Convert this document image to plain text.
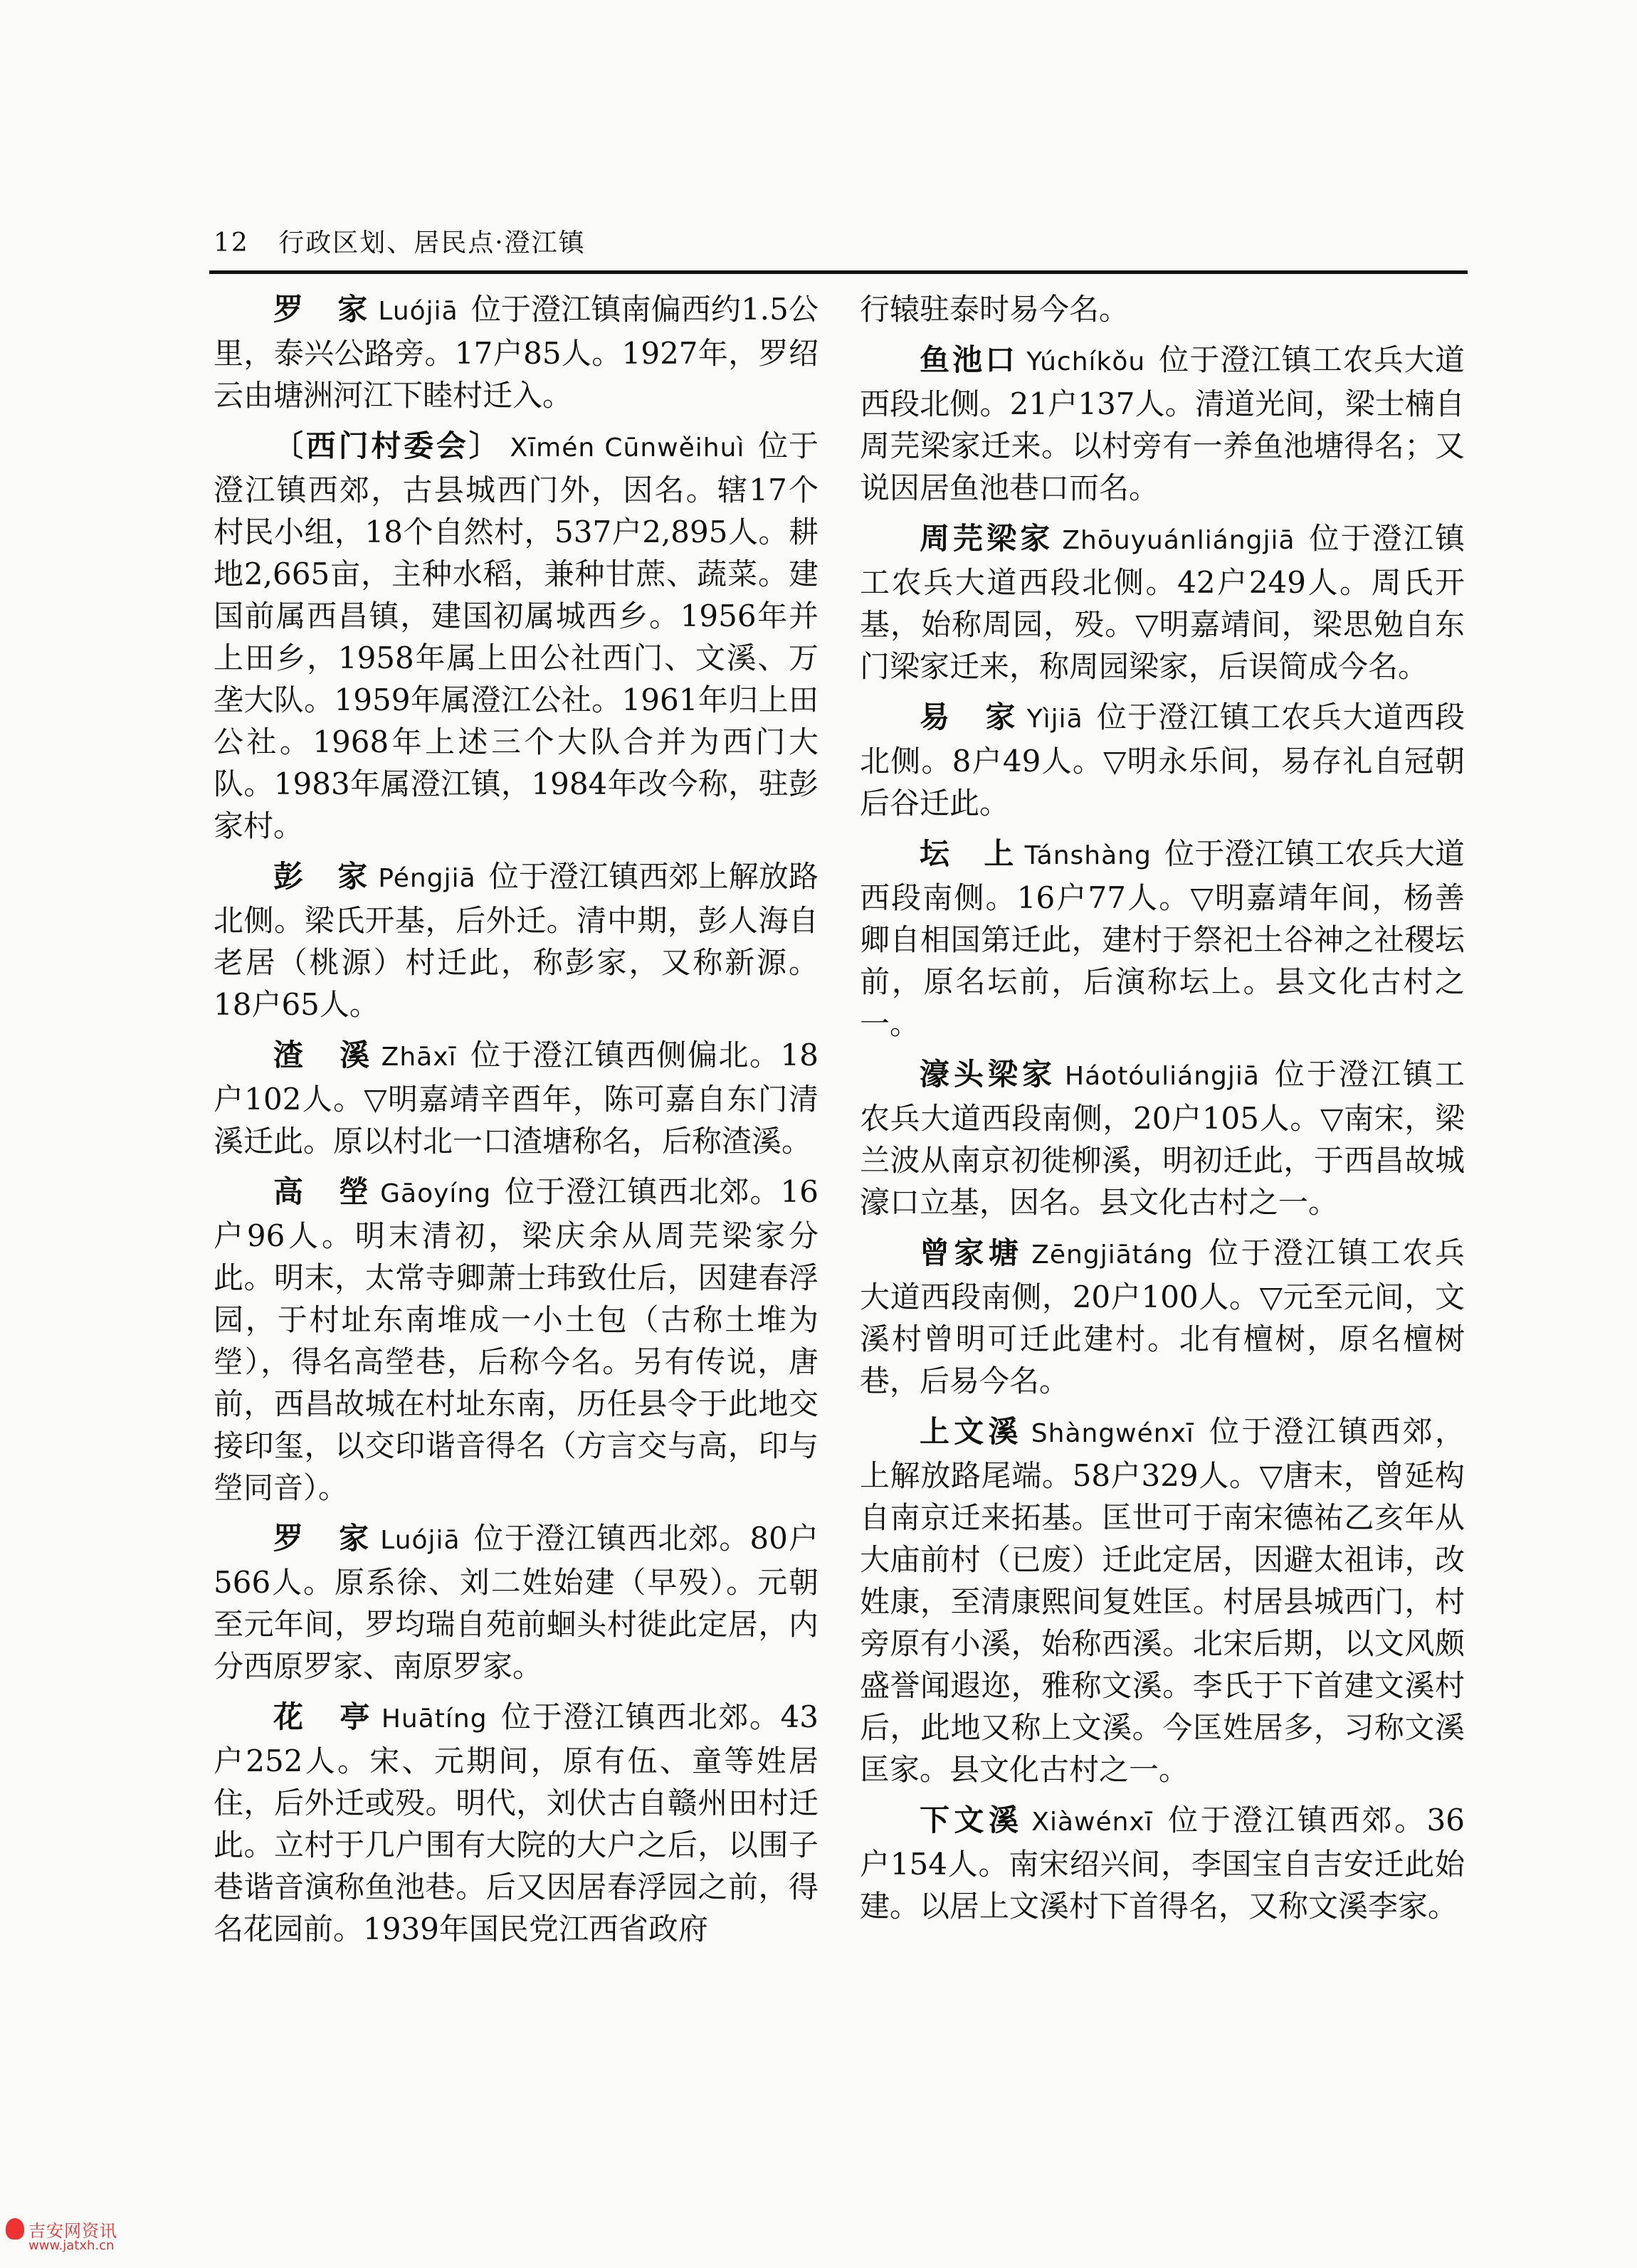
12 行政区划、居民点·澄江镇

罗　家 Luójiā 位于澄江镇南偏西约1.5公里，泰兴公路旁。17户85人。1927年，罗绍云由塘洲河江下睦村迁入。

〔西门村委会〕 Xīmén Cūnwěihuì 位于澄江镇西郊，古县城西门外，因名。辖17个村民小组，18个自然村，537户2,895人。耕地2,665亩，主种水稻，兼种甘蔗、蔬菜。建国前属西昌镇，建国初属城西乡。1956年并上田乡，1958年属上田公社西门、文溪、万垄大队。1959年属澄江公社。1961年归上田公社。1968年上述三个大队合并为西门大队。1983年属澄江镇，1984年改今称，驻彭家村。

彭　家 Péngjiā 位于澄江镇西郊上解放路北侧。梁氏开基，后外迁。清中期，彭人海自老居（桃源）村迁此，称彭家，又称新源。18户65人。

渣　溪 Zhāxī 位于澄江镇西侧偏北。18户102人。▽明嘉靖辛酉年，陈可嘉自东门清溪迁此。原以村北一口渣塘称名，后称渣溪。

高　塋 Gāoyíng 位于澄江镇西北郊。16户96人。明末清初，梁庆余从周芫梁家分此。明末，太常寺卿萧士玮致仕后，因建春浮园，于村址东南堆成一小土包（古称土堆为塋），得名高塋巷，后称今名。另有传说，唐前，西昌故城在村址东南，历任县令于此地交接印玺，以交印谐音得名（方言交与高，印与塋同音）。

罗　家 Luójiā 位于澄江镇西北郊。80户566人。原系徐、刘二姓始建（早殁）。元朝至元年间，罗均瑞自苑前蛔头村徙此定居，内分西原罗家、南原罗家。

花　亭 Huātíng 位于澄江镇西北郊。43户252人。宋、元期间，原有伍、童等姓居住，后外迁或殁。明代，刘伏古自赣州田村迁此。立村于几户围有大院的大户之后，以围子巷谐音演称鱼池巷。后又因居春浮园之前，得名花园前。1939年国民党江西省政府

行辕驻泰时易今名。

鱼池口 Yúchíkǒu 位于澄江镇工农兵大道西段北侧。21户137人。清道光间，梁士楠自周芫梁家迁来。以村旁有一养鱼池塘得名；又说因居鱼池巷口而名。

周芫梁家 Zhōuyuánliángjiā 位于澄江镇工农兵大道西段北侧。42户249人。周氏开基，始称周园，殁。▽明嘉靖间，梁思勉自东门梁家迁来，称周园梁家，后误简成今名。

易　家 Yìjiā 位于澄江镇工农兵大道西段北侧。8户49人。▽明永乐间，易存礼自冠朝后谷迁此。

坛　上 Tánshàng 位于澄江镇工农兵大道西段南侧。16户77人。▽明嘉靖年间，杨善卿自相国第迁此，建村于祭祀土谷神之社稷坛前，原名坛前，后演称坛上。县文化古村之一。

濠头梁家 Háotóuliángjiā 位于澄江镇工农兵大道西段南侧，20户105人。▽南宋，梁兰波从南京初徙柳溪，明初迁此，于西昌故城濠口立基，因名。县文化古村之一。

曾家塘 Zēngjiātáng 位于澄江镇工农兵大道西段南侧，20户100人。▽元至元间，文溪村曾明可迁此建村。北有檀树，原名檀树巷，后易今名。

上文溪 Shàngwénxī 位于澄江镇西郊，上解放路尾端。58户329人。▽唐末，曾延构自南京迁来拓基。匡世可于南宋德祐乙亥年从大庙前村（已废）迁此定居，因避太祖讳，改姓康，至清康熙间复姓匡。村居县城西门，村旁原有小溪，始称西溪。北宋后期，以文风颇盛誉闻遐迩，雅称文溪。李氏于下首建文溪村后，此地又称上文溪。今匡姓居多，习称文溪匡家。县文化古村之一。

下文溪 Xiàwénxī 位于澄江镇西郊。36户154人。南宋绍兴间，李国宝自吉安迁此始建。以居上文溪村下首得名，又称文溪李家。

吉安网资讯
www.jatxh.cn
